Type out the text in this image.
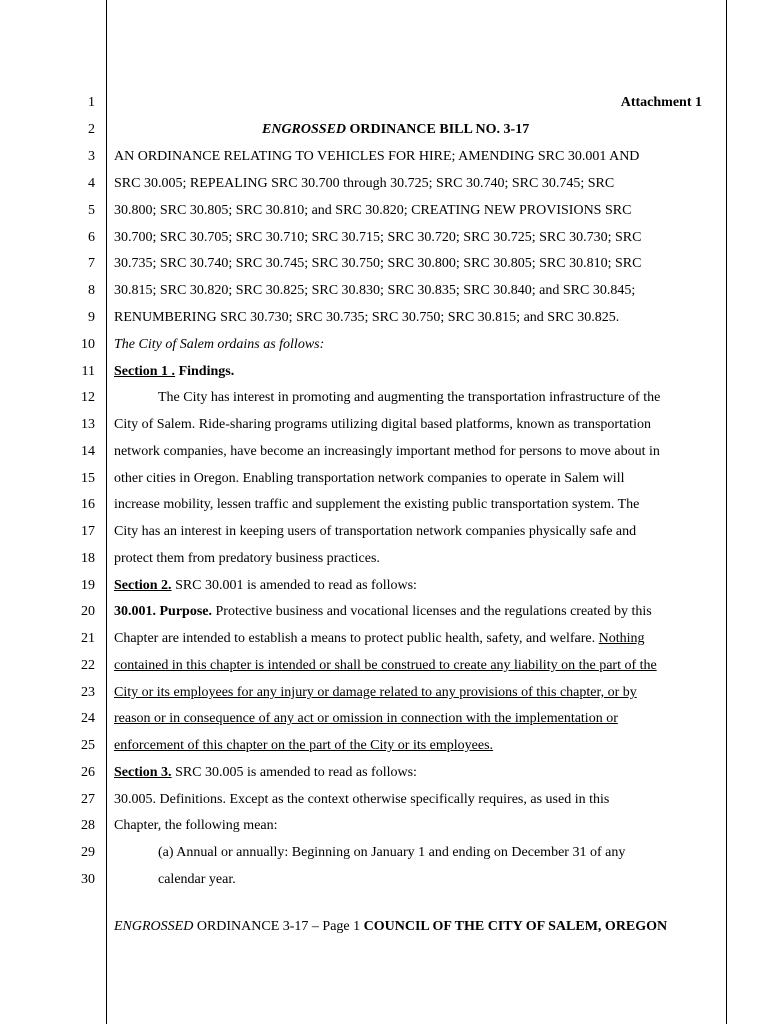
1
2
3
4
5
6
7
8
9
10
11
12
13
14
15
16
17
18
19
20
21
22
23
24
25
26
27
28
29
30
Attachment 1
ENGROSSED ORDINANCE BILL NO. 3-17
AN ORDINANCE RELATING TO VEHICLES FOR HIRE; AMENDING SRC 30.001 AND
SRC 30.005; REPEALING SRC 30.700 through 30.725; SRC 30.740; SRC 30.745; SRC
30.800; SRC 30.805; SRC 30.810; and SRC 30.820; CREATING NEW PROVISIONS SRC
30.700; SRC 30.705; SRC 30.710; SRC 30.715; SRC 30.720; SRC 30.725; SRC 30.730; SRC
30.735; SRC 30.740; SRC 30.745; SRC 30.750; SRC 30.800; SRC 30.805; SRC 30.810; SRC
30.815; SRC 30.820; SRC 30.825; SRC 30.830; SRC 30.835; SRC 30.840; and SRC 30.845;
RENUMBERING SRC 30.730; SRC 30.735; SRC 30.750; SRC 30.815; and SRC 30.825.
The City of Salem ordains as follows:
Section 1 . Findings.
The City has interest in promoting and augmenting the transportation infrastructure of the
City of Salem. Ride-sharing programs utilizing digital based platforms, known as transportation
network companies, have become an increasingly important method for persons to move about in
other cities in Oregon. Enabling transportation network companies to operate in Salem will
increase mobility, lessen traffic and supplement the existing public transportation system. The
City has an interest in keeping users of transportation network companies physically safe and
protect them from predatory business practices.
Section 2. SRC 30.001 is amended to read as follows:
30.001. Purpose. Protective business and vocational licenses and the regulations created by this
Chapter are intended to establish a means to protect public health, safety, and welfare. Nothing
contained in this chapter is intended or shall be construed to create any liability on the part of the
City or its employees for any injury or damage related to any provisions of this chapter, or by
reason or in consequence of any act or omission in connection with the implementation or
enforcement of this chapter on the part of the City or its employees.
Section 3. SRC 30.005 is amended to read as follows:
30.005. Definitions. Except as the context otherwise specifically requires, as used in this
Chapter, the following mean:
(a) Annual or annually: Beginning on January 1 and ending on December 31 of any
calendar year.
ENGROSSED ORDINANCE 3-17 – Page 1 COUNCIL OF THE CITY OF SALEM, OREGON
